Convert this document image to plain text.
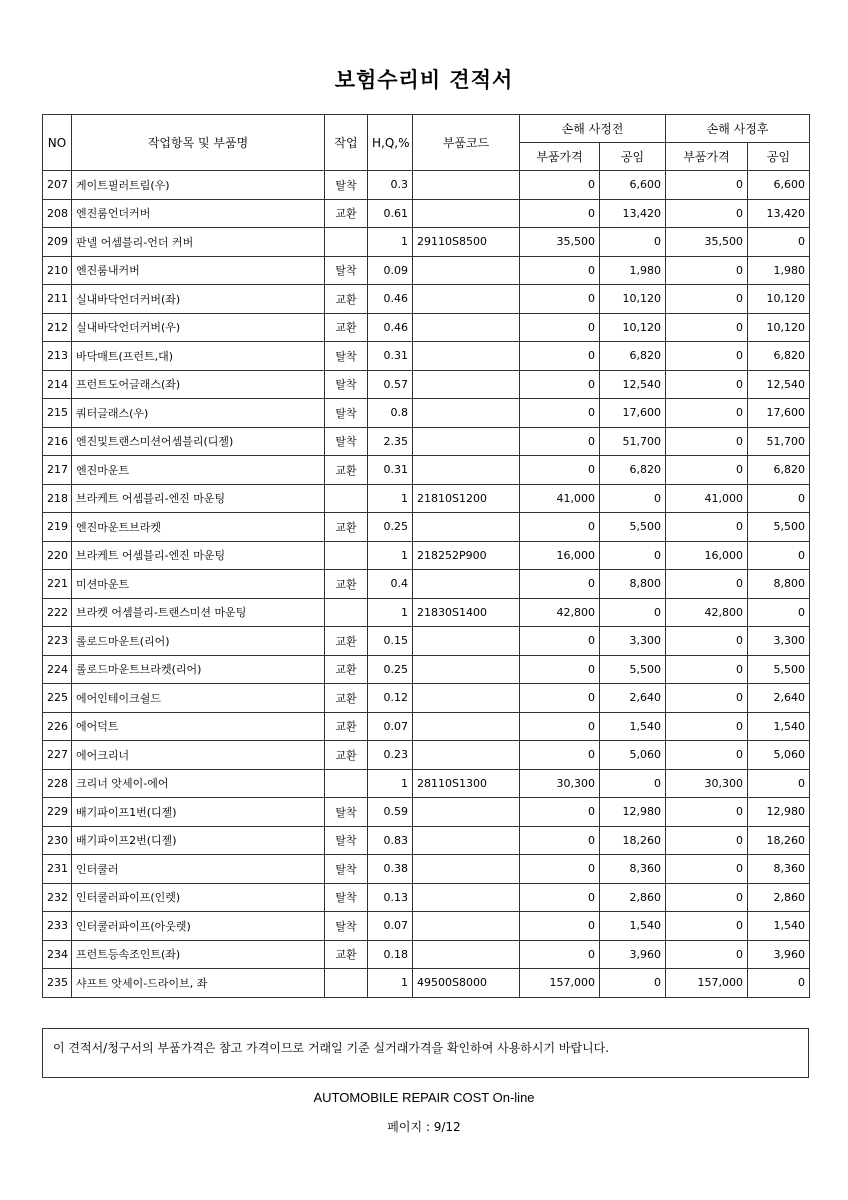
보험수리비 견적서
NO	작업항목 및 부품명	작업	H,Q,%	부품코드	손해 사정전		손해 사정후	
					부품가격	공임	부품가격	공임
207	게이트필러트림(우)	탈착	0.3		0	6,600	0	6,600
208	엔진룸언더커버	교환	0.61		0	13,420	0	13,420
209	판넬 어셈블리-언더 커버		1	29110S8500	35,500	0	35,500	0
210	엔진룸내커버	탈착	0.09		0	1,980	0	1,980
211	실내바닥언더커버(좌)	교환	0.46		0	10,120	0	10,120
212	실내바닥언더커버(우)	교환	0.46		0	10,120	0	10,120
213	바닥매트(프런트,대)	탈착	0.31		0	6,820	0	6,820
214	프런트도어글래스(좌)	탈착	0.57		0	12,540	0	12,540
215	쿼터글래스(우)	탈착	0.8		0	17,600	0	17,600
216	엔진및트랜스미션어셈블리(디젤)	탈착	2.35		0	51,700	0	51,700
217	엔진마운트	교환	0.31		0	6,820	0	6,820
218	브라케트 어셈블리-엔진 마운팅		1	21810S1200	41,000	0	41,000	0
219	엔진마운트브라켓	교환	0.25		0	5,500	0	5,500
220	브라케트 어셈블리-엔진 마운팅		1	218252P900	16,000	0	16,000	0
221	미션마운트	교환	0.4		0	8,800	0	8,800
222	브라켓 어셈블리-트랜스미션 마운팅		1	21830S1400	42,800	0	42,800	0
223	롤로드마운트(리어)	교환	0.15		0	3,300	0	3,300
224	롤로드마운트브라켓(리어)	교환	0.25		0	5,500	0	5,500
225	에어인테이크쉴드	교환	0.12		0	2,640	0	2,640
226	에어덕트	교환	0.07		0	1,540	0	1,540
227	에어크리너	교환	0.23		0	5,060	0	5,060
228	크리너 앗세이-에어		1	28110S1300	30,300	0	30,300	0
229	배기파이프1번(디젤)	탈착	0.59		0	12,980	0	12,980
230	배기파이프2번(디젤)	탈착	0.83		0	18,260	0	18,260
231	인터쿨러	탈착	0.38		0	8,360	0	8,360
232	인터쿨러파이프(인렛)	탈착	0.13		0	2,860	0	2,860
233	인터쿨러파이프(아웃렛)	탈착	0.07		0	1,540	0	1,540
234	프런트등속조인트(좌)	교환	0.18		0	3,960	0	3,960
235	샤프트 앗세이-드라이브, 좌		1	49500S8000	157,000	0	157,000	0
이 견적서/청구서의 부품가격은 참고 가격이므로 거래일 기준 실거래가격을 확인하여 사용하시기 바랍니다.
AUTOMOBILE REPAIR COST On-line
페이지 : 9/12
